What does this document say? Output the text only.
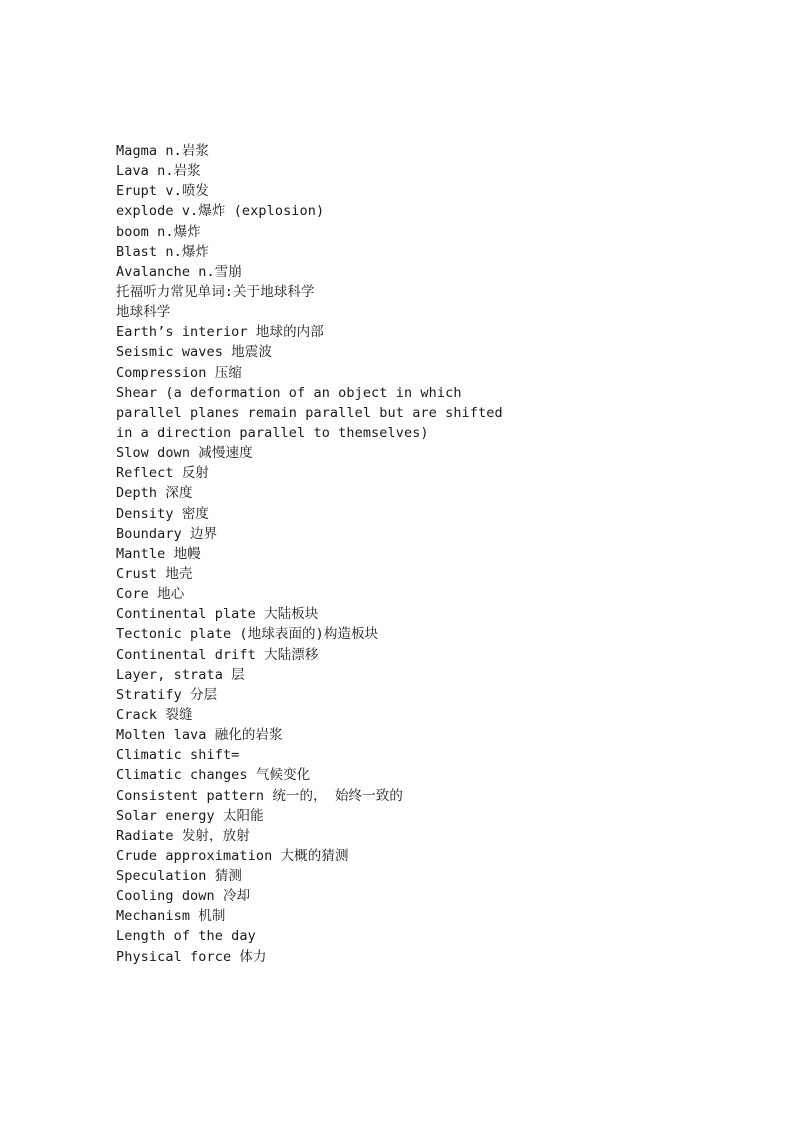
Magma n.岩浆
Lava n.岩浆
Erupt v.喷发
explode v.爆炸 (explosion)
boom n.爆炸
Blast n.爆炸
Avalanche n.雪崩
托福听力常见单词:关于地球科学
地球科学
Earth’s interior 地球的内部
Seismic waves 地震波
Compression 压缩
Shear (a deformation of an object in which
parallel planes remain parallel but are shifted
in a direction parallel to themselves)
Slow down 减慢速度
Reflect 反射
Depth 深度
Density 密度
Boundary 边界
Mantle 地幔
Crust 地壳
Core 地心
Continental plate 大陆板块
Tectonic plate (地球表面的)构造板块
Continental drift 大陆漂移
Layer, strata 层
Stratify 分层
Crack 裂缝
Molten lava 融化的岩浆
Climatic shift=
Climatic changes 气候变化
Consistent pattern 统一的， 始终一致的
Solar energy 太阳能
Radiate 发射，放射
Crude approximation 大概的猜测
Speculation 猜测
Cooling down 冷却
Mechanism 机制
Length of the day
Physical force 体力
